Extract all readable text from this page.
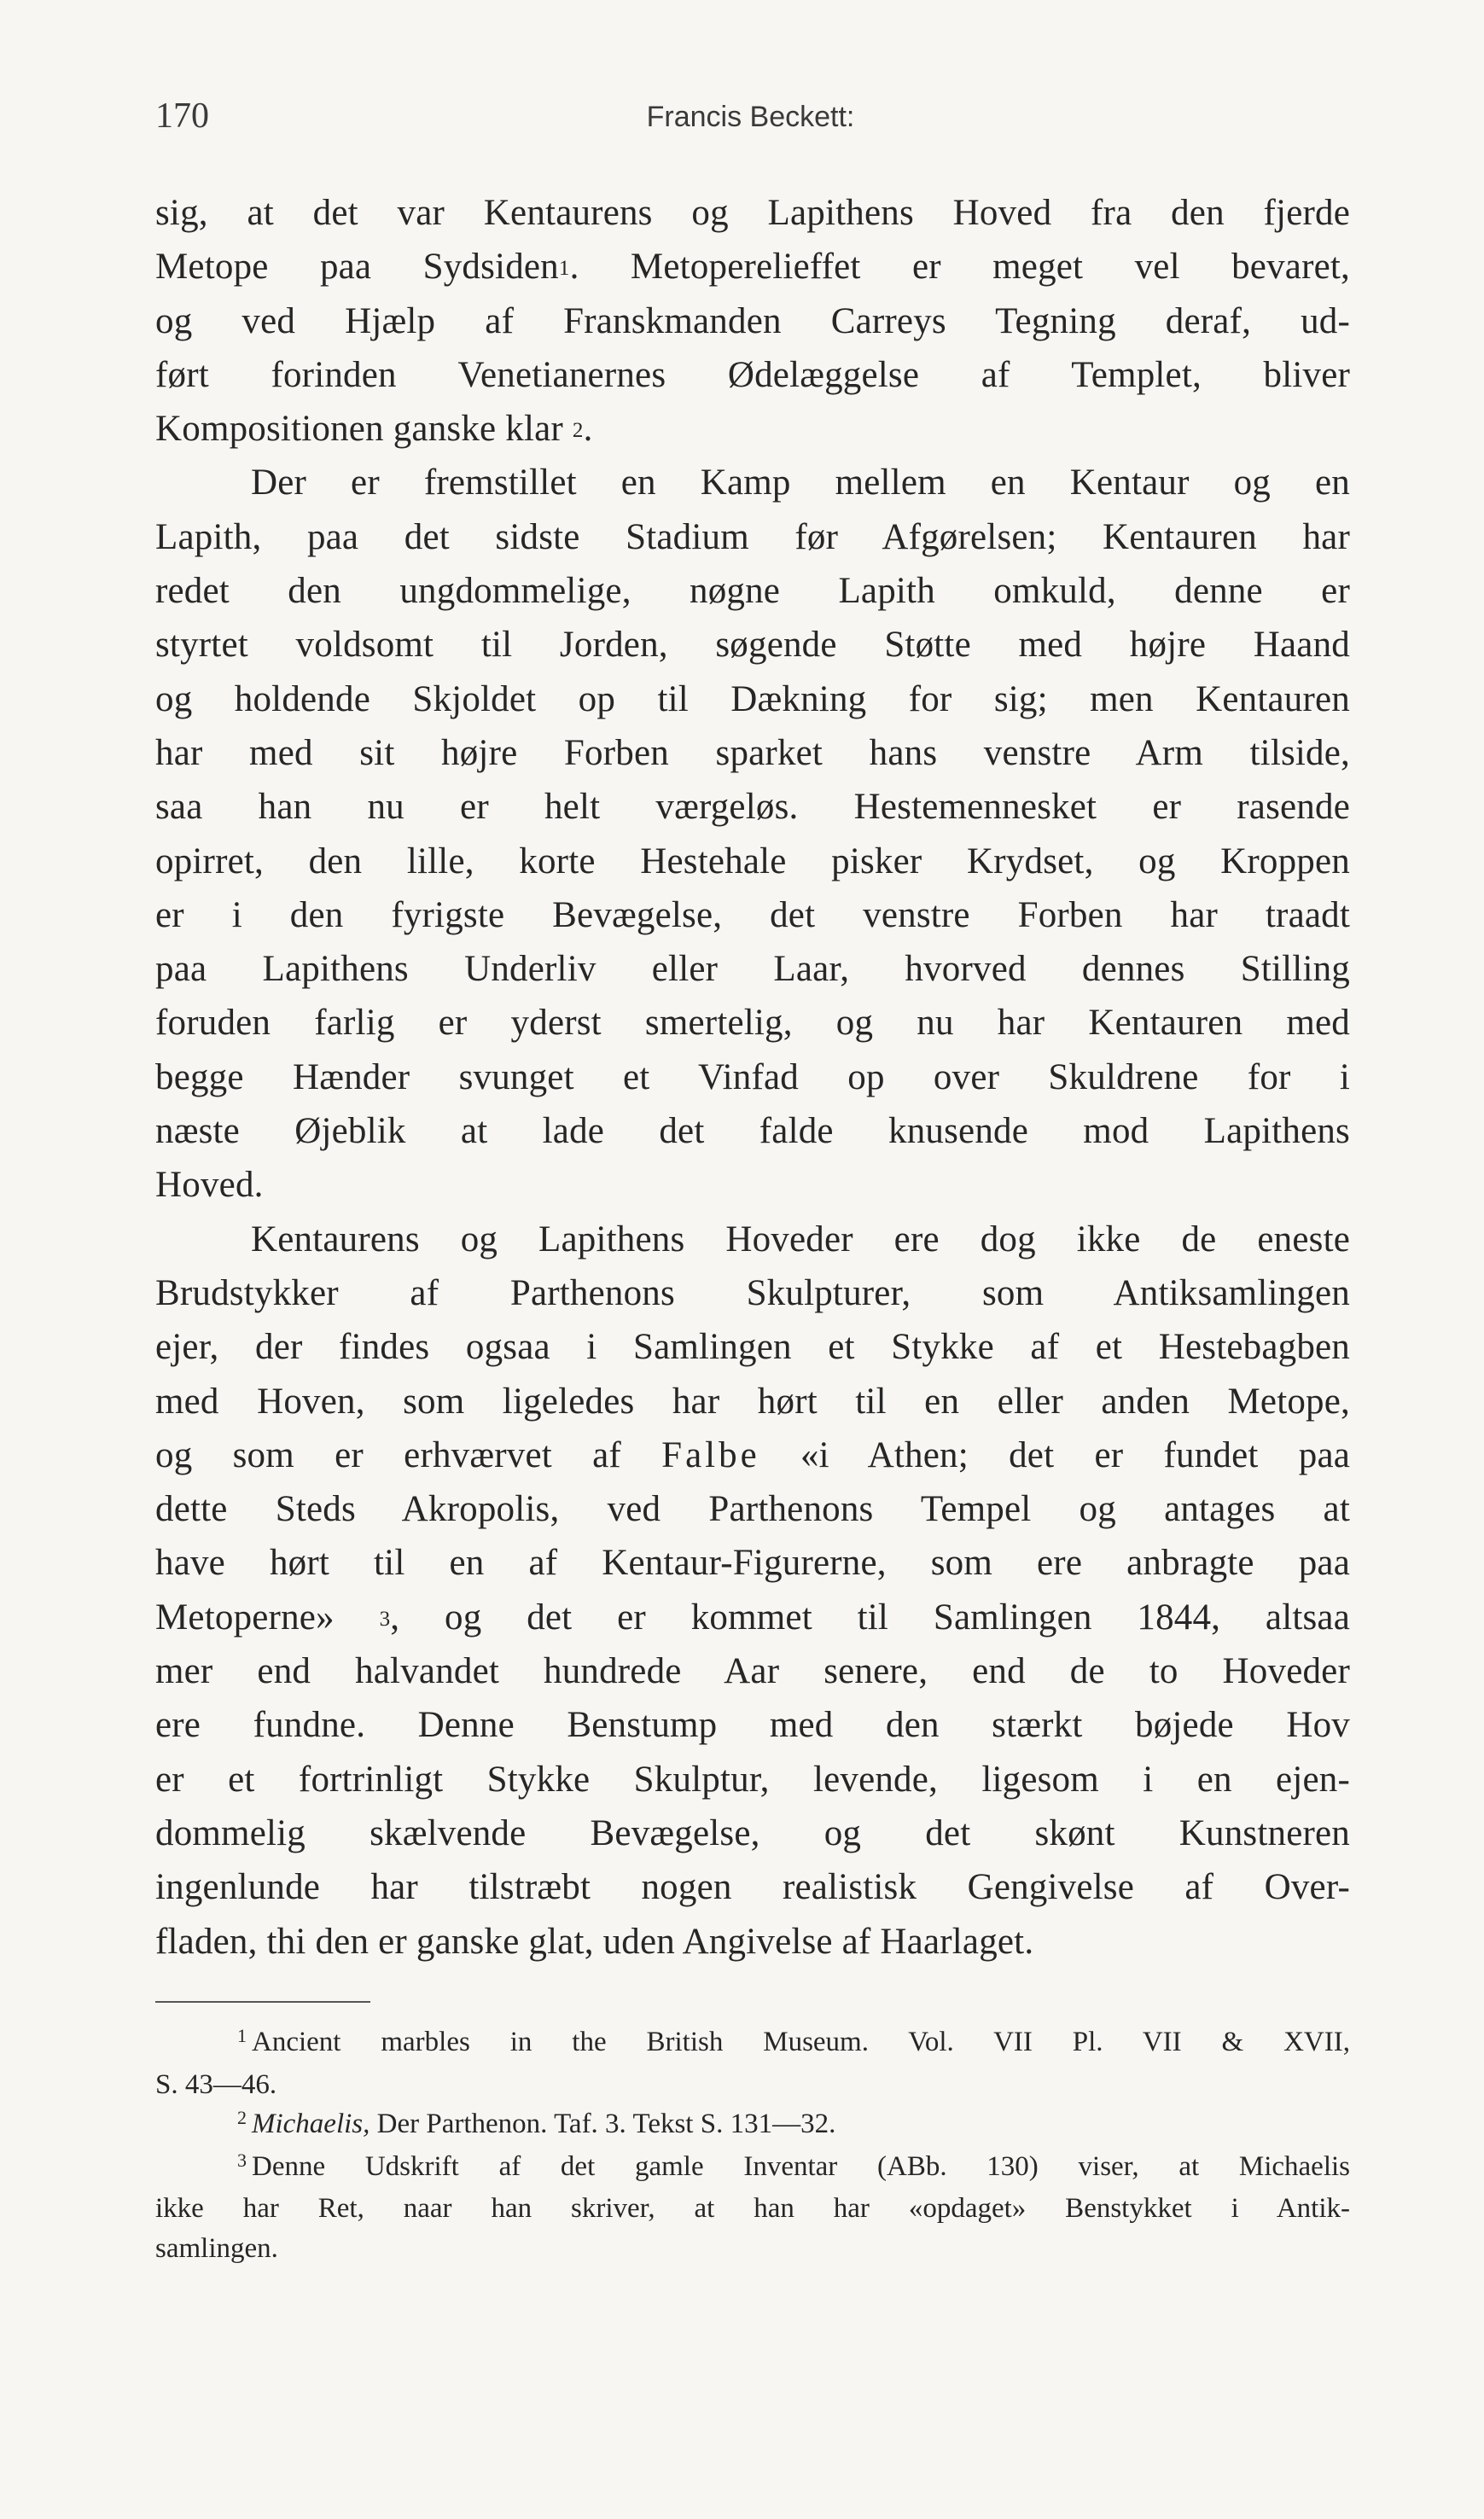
170	Francis Beckett:
sig, at det var Kentaurens og Lapithens Hoved fra den fjerde
Metope paa Sydsiden$^1$. Metoperelieffet er meget vel bevaret,
og ved Hjælp af Franskmanden Carreys Tegning deraf, ud-
ført forinden Venetianernes Ødelæggelse af Templet, bliver
Kompositionen ganske klar $^2$.
Der er fremstillet en Kamp mellem en Kentaur og en
Lapith, paa det sidste Stadium før Afgørelsen; Kentauren har
redet den ungdommelige, nøgne Lapith omkuld, denne er
styrtet voldsomt til Jorden, søgende Støtte med højre Haand
og holdende Skjoldet op til Dækning for sig; men Kentauren
har med sit højre Forben sparket hans venstre Arm tilside,
saa han nu er helt værgeløs. Hestemennesket er rasende
opirret, den lille, korte Hestehale pisker Krydset, og Kroppen
er i den fyrigste Bevægelse, det venstre Forben har traadt
paa Lapithens Underliv eller Laar, hvorved dennes Stilling
foruden farlig er yderst smertelig, og nu har Kentauren med
begge Hænder svunget et Vinfad op over Skuldrene for i
næste Øjeblik at lade det falde knusende mod Lapithens
Hoved.
Kentaurens og Lapithens Hoveder ere dog ikke de eneste
Brudstykker af Parthenons Skulpturer, som Antiksamlingen
ejer, der findes ogsaa i Samlingen et Stykke af et Hestebagben
med Hoven, som ligeledes har hørt til en eller anden Metope,
og som er erhværvet af Falbe «i Athen; det er fundet paa
dette Steds Akropolis, ved Parthenons Tempel og antages at
have hørt til en af Kentaur-Figurerne, som ere anbragte paa
Metoperne» $^3$, og det er kommet til Samlingen 1844, altsaa
mer end halvandet hundrede Aar senere, end de to Hoveder
ere fundne. Denne Benstump med den stærkt bøjede Hov
er et fortrinligt Stykke Skulptur, levende, ligesom i en ejen-
dommelig skælvende Bevægelse, og det skønt Kunstneren
ingenlunde har tilstræbt nogen realistisk Gengivelse af Over-
fladen, thi den er ganske glat, uden Angivelse af Haarlaget.
$^1$ Ancient marbles in the British Museum. Vol. VII Pl. VII & XVII,
S. 43—46.
$^2$ Michaelis, Der Parthenon. Taf. 3. Tekst S. 131—32.
$^3$ Denne Udskrift af det gamle Inventar (ABb. 130) viser, at Michaelis
ikke har Ret, naar han skriver, at han har «opdaget» Benstykket i Antik-
samlingen.
